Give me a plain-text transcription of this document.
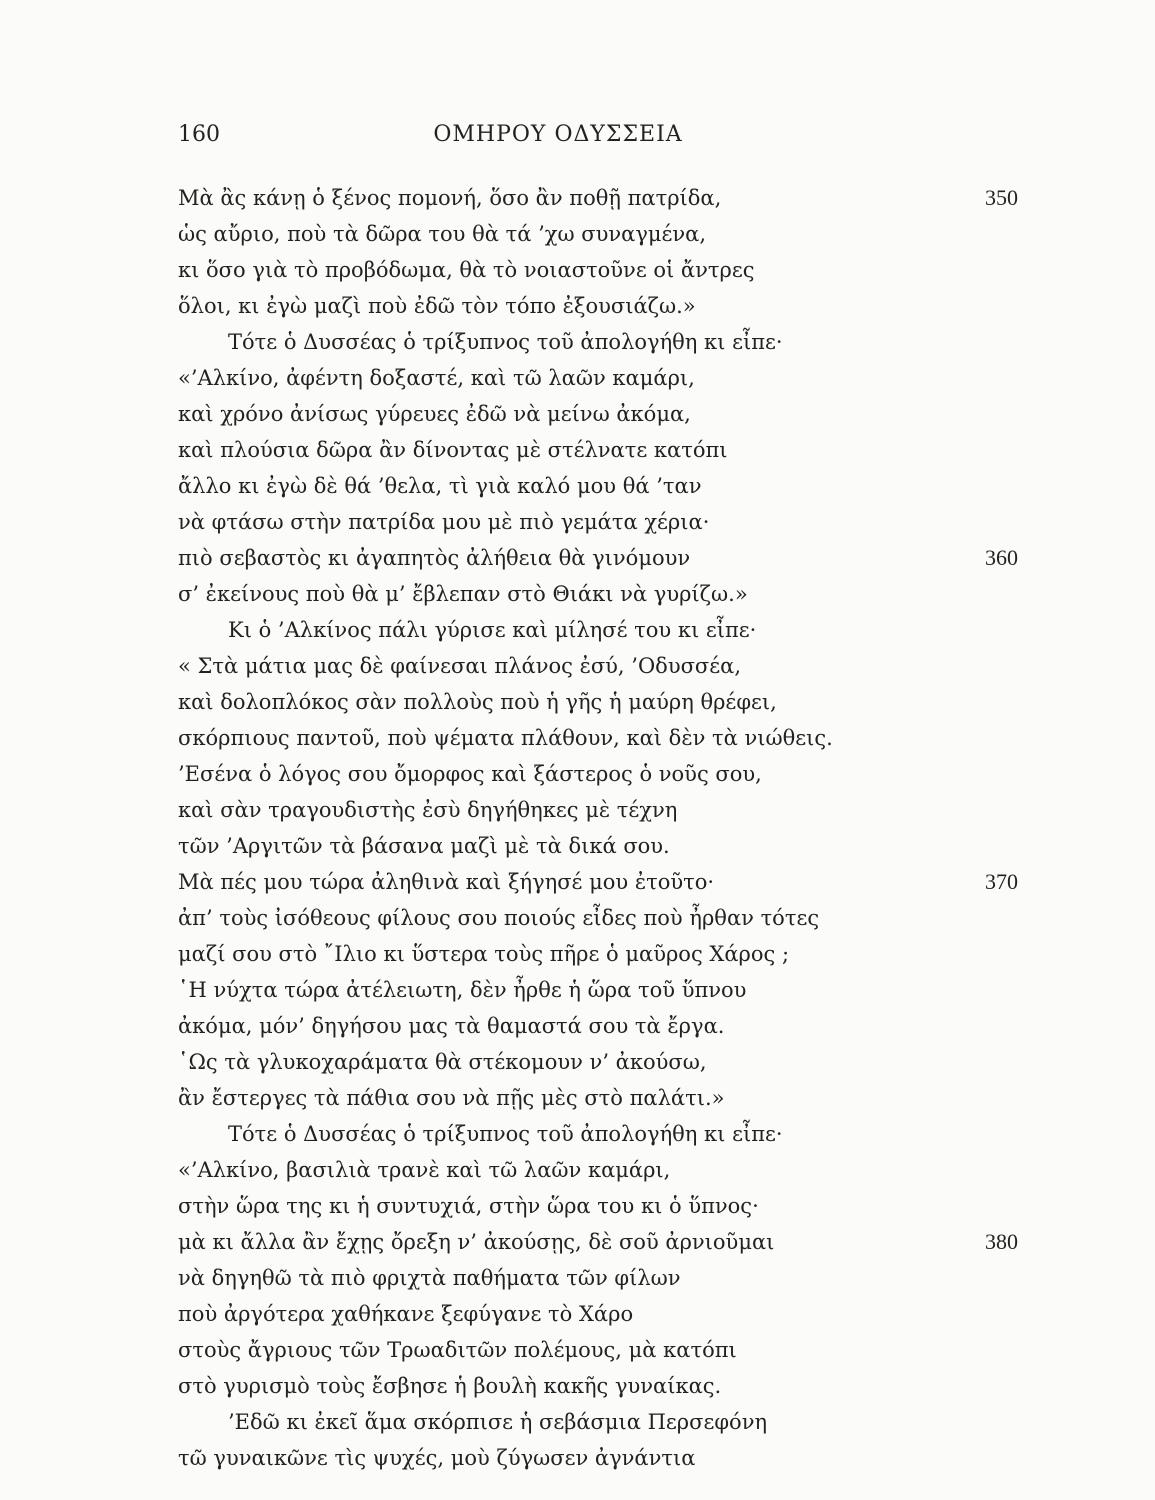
160	ΟΜΗΡΟΥ ΟΔΥΣΣΕΙΑ
Μὰ ἂς κάνῃ ὁ ξένος πομονή, ὅσο ἂν ποθῇ πατρίδα,	350
ὡς αὔριο, ποὺ τὰ δῶρα του θὰ τά ’χω συναγμένα,
κι ὅσο γιὰ τὸ προβόδωμα, θὰ τὸ νοιαστοῦνε οἱ ἄντρες
ὅλοι, κι ἐγὼ μαζὶ ποὺ ἐδῶ τὸν τόπο ἐξουσιάζω.»
Τότε ὁ Δυσσέας ὁ τρίξυπνος τοῦ ἀπολογήθη κι εἶπε·
«’Αλκίνο, ἀφέντη δοξαστέ, καὶ τῶ λαῶν καμάρι,
καὶ χρόνο ἀνίσως γύρευες ἐδῶ νὰ μείνω ἀκόμα,
καὶ πλούσια δῶρα ἂν δίνοντας μὲ στέλνατε κατόπι
ἄλλο κι ἐγὼ δὲ θά ’θελα, τὶ γιὰ καλό μου θά ’ταν
νὰ φτάσω στὴν πατρίδα μου μὲ πιὸ γεμάτα χέρια·
πιὸ σεβαστὸς κι ἀγαπητὸς ἀλήθεια θὰ γινόμουν	360
σ’ ἐκείνους ποὺ θὰ μ’ ἔβλεπαν στὸ Θιάκι νὰ γυρίζω.»
Κι ὁ ’Αλκίνος πάλι γύρισε καὶ μίλησέ του κι εἶπε·
« Στὰ μάτια μας δὲ φαίνεσαι πλάνος ἐσύ, ’Οδυσσέα,
καὶ δολοπλόκος σὰν πολλοὺς ποὺ ἡ γῆς ἡ μαύρη θρέφει,
σκόρπιους παντοῦ, ποὺ ψέματα πλάθουν, καὶ δὲν τὰ νιώθεις.
’Εσένα ὁ λόγος σου ὄμορφος καὶ ξάστερος ὁ νοῦς σου,
καὶ σὰν τραγουδιστὴς ἐσὺ δηγήθηκες μὲ τέχνη
τῶν ’Αργιτῶν τὰ βάσανα μαζὶ μὲ τὰ δικά σου.
Μὰ πές μου τώρα ἀληθινὰ καὶ ξήγησέ μου ἐτοῦτο·	370
ἀπ’ τοὺς ἰσόθεους φίλους σου ποιούς εἶδες ποὺ ἦρθαν τότες
μαζί σου στὸ ῎Ιλιο κι ὕστερα τοὺς πῆρε ὁ μαῦρος Χάρος ;
῾Η νύχτα τώρα ἀτέλειωτη, δὲν ἦρθε ἡ ὥρα τοῦ ὕπνου
ἀκόμα, μόν’ δηγήσου μας τὰ θαμαστά σου τὰ ἔργα.
῾Ως τὰ γλυκοχαράματα θὰ στέκομουν ν’ ἀκούσω,
ἂν ἔστεργες τὰ πάθια σου νὰ πῇς μὲς στὸ παλάτι.»
Τότε ὁ Δυσσέας ὁ τρίξυπνος τοῦ ἀπολογήθη κι εἶπε·
«’Αλκίνο, βασιλιὰ τρανὲ καὶ τῶ λαῶν καμάρι,
στὴν ὥρα της κι ἡ συντυχιά, στὴν ὥρα του κι ὁ ὕπνος·
μὰ κι ἄλλα ἂν ἔχῃς ὄρεξη ν’ ἀκούσῃς, δὲ σοῦ ἀρνιοῦμαι	380
νὰ δηγηθῶ τὰ πιὸ φριχτὰ παθήματα τῶν φίλων
ποὺ ἀργότερα χαθήκανε ξεφύγανε τὸ Χάρο
στοὺς ἄγριους τῶν Τρωαδιτῶν πολέμους, μὰ κατόπι
στὸ γυρισμὸ τοὺς ἔσβησε ἡ βουλὴ κακῆς γυναίκας.
’Εδῶ κι ἐκεῖ ἅμα σκόρπισε ἡ σεβάσμια Περσεφόνη
τῶ γυναικῶνε τὶς ψυχές, μοὺ ζύγωσεν ἀγνάντια
